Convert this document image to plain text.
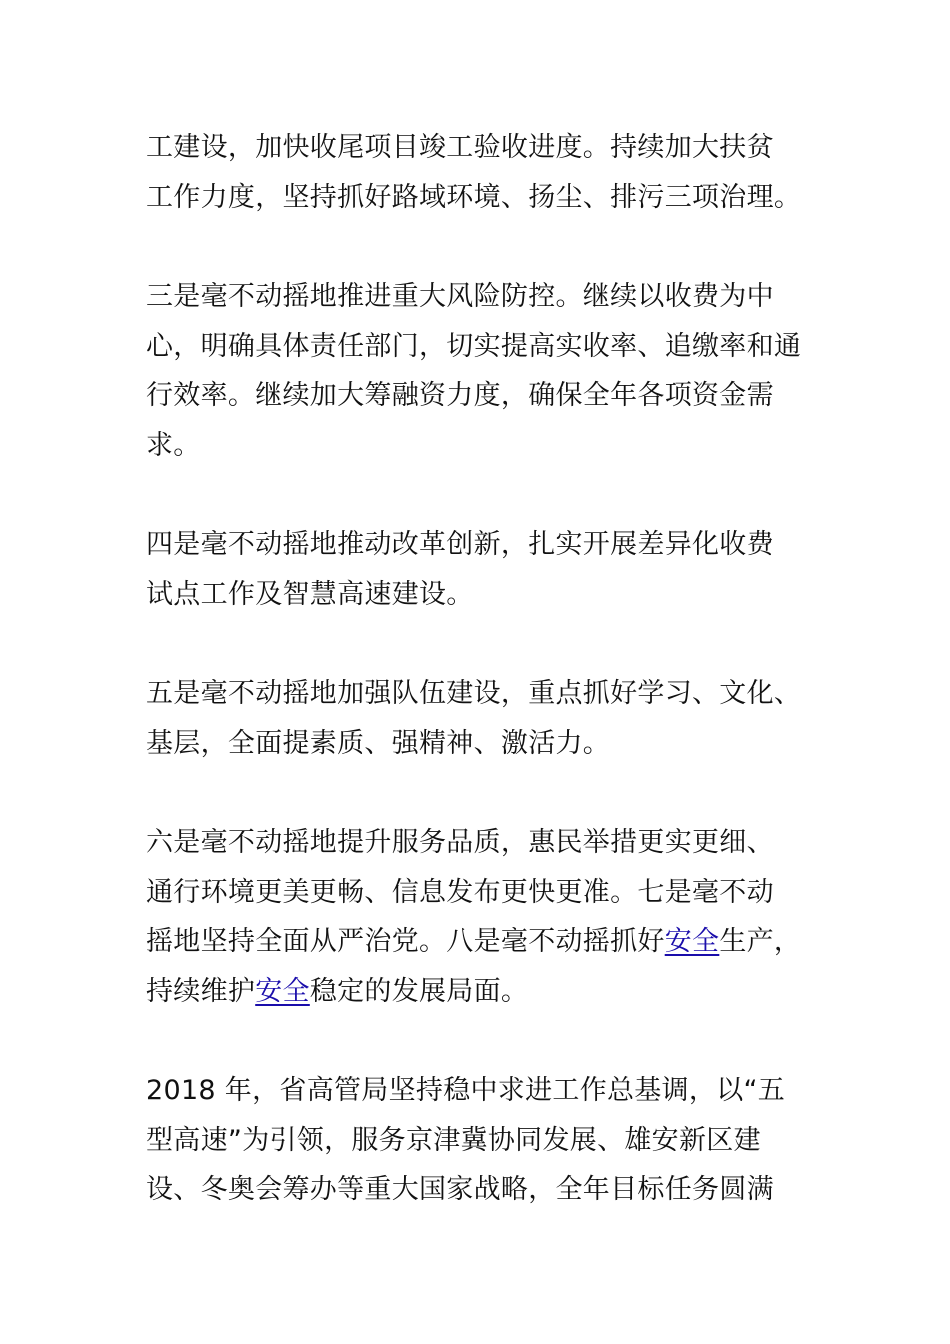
工建设，加快收尾项目竣工验收进度。持续加大扶贫
工作力度，坚持抓好路域环境、扬尘、排污三项治理。
三是毫不动摇地推进重大风险防控。继续以收费为中
心，明确具体责任部门，切实提高实收率、追缴率和通
行效率。继续加大筹融资力度，确保全年各项资金需
求。
四是毫不动摇地推动改革创新，扎实开展差异化收费
试点工作及智慧高速建设。
五是毫不动摇地加强队伍建设，重点抓好学习、文化、
基层，全面提素质、强精神、激活力。
六是毫不动摇地提升服务品质，惠民举措更实更细、
通行环境更美更畅、信息发布更快更准。七是毫不动
摇地坚持全面从严治党。八是毫不动摇抓好安全生产，
持续维护安全稳定的发展局面。
2018 年，省高管局坚持稳中求进工作总基调，以“五
型高速”为引领，服务京津冀协同发展、雄安新区建
设、冬奥会筹办等重大国家战略，全年目标任务圆满
